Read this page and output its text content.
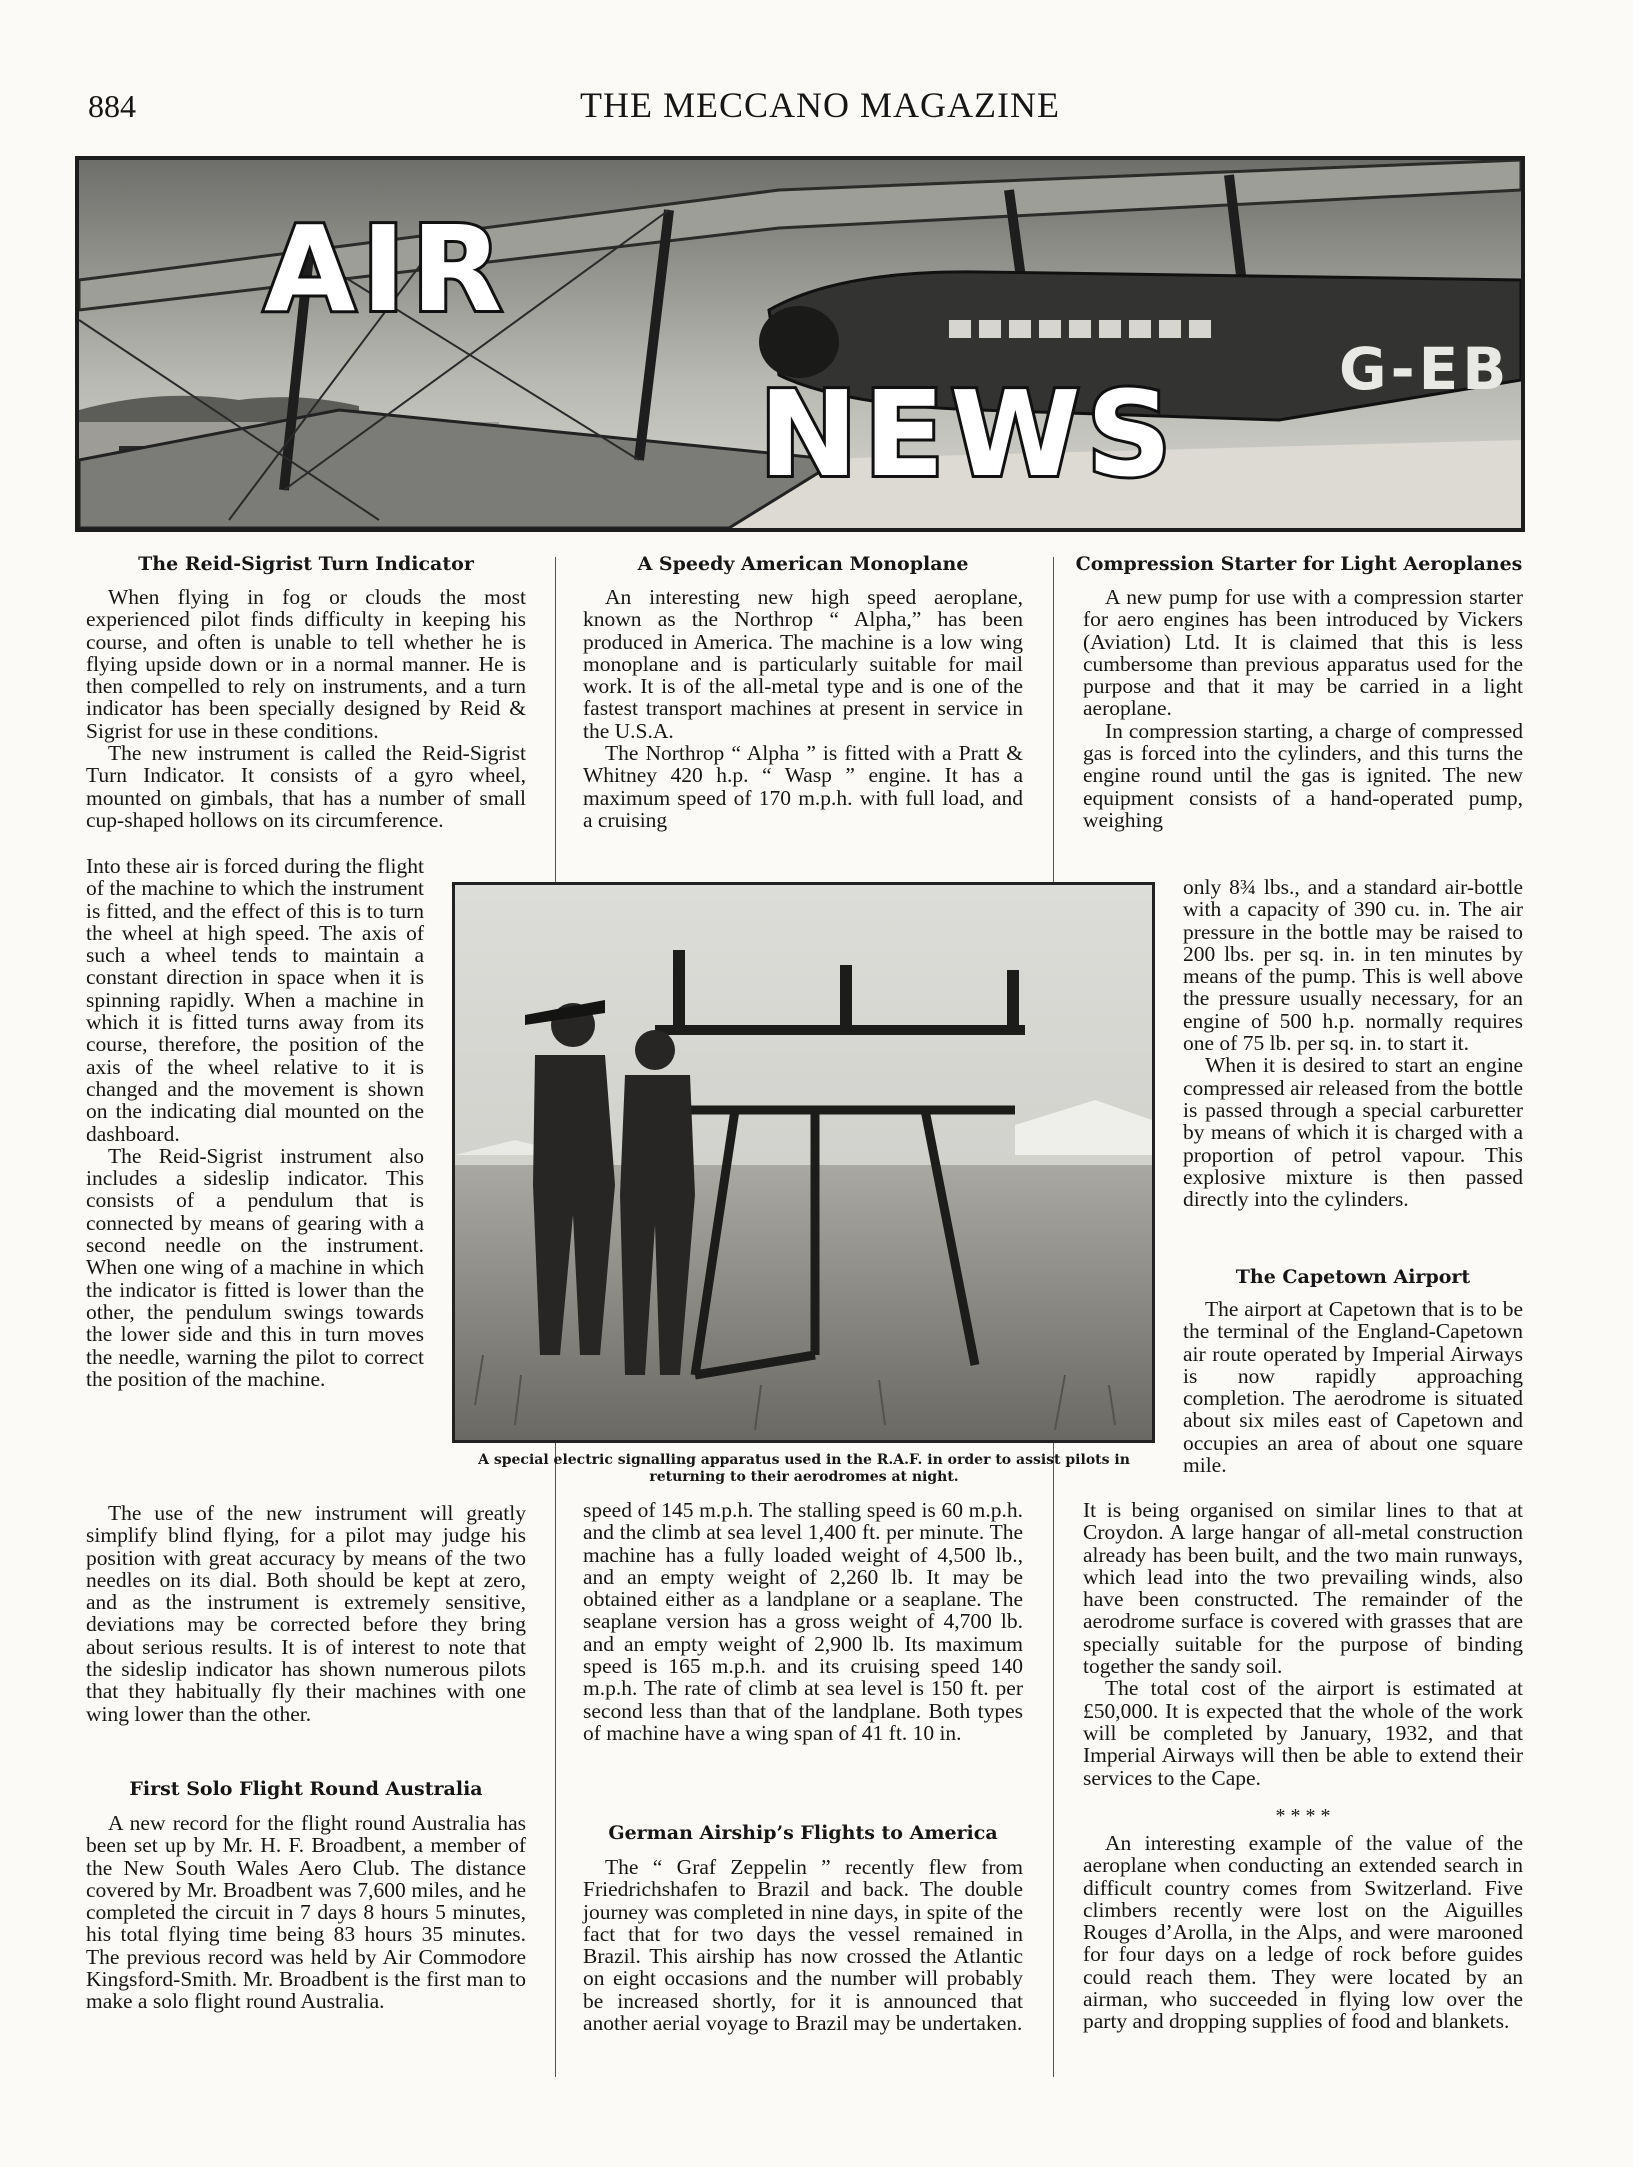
884	THE MECCANO MAGAZINE
AIR
NEWS	G-EB
The Reid-Sigrist Turn Indicator

When flying in fog or clouds the most experienced pilot finds difficulty in keeping his course, and often is unable to tell whether he is flying upside down or in a normal manner. He is then compelled to rely on instruments, and a turn indicator has been specially designed by Reid & Sigrist for use in these conditions.

The new instrument is called the Reid-Sigrist Turn Indicator. It consists of a gyro wheel, mounted on gimbals, that has a number of small cup-shaped hollows on its circumference.

Into these air is forced during the flight of the machine to which the instrument is fitted, and the effect of this is to turn the wheel at high speed. The axis of such a wheel tends to maintain a constant direction in space when it is spinning rapidly. When a machine in which it is fitted turns away from its course, therefore, the position of the axis of the wheel relative to it is changed and the movement is shown on the indicating dial mounted on the dashboard.

The Reid-Sigrist instrument also includes a sideslip indicator. This consists of a pendulum that is connected by means of gearing with a second needle on the instrument. When one wing of a machine in which the indicator is fitted is lower than the other, the pendulum swings towards the lower side and this in turn moves the needle, warning the pilot to correct the position of the machine.

The use of the new instrument will greatly simplify blind flying, for a pilot may judge his position with great accuracy by means of the two needles on its dial. Both should be kept at zero, and as the instrument is extremely sensitive, deviations may be corrected before they bring about serious results. It is of interest to note that the sideslip indicator has shown numerous pilots that they habitually fly their machines with one wing lower than the other.

First Solo Flight Round Australia

A new record for the flight round Australia has been set up by Mr. H. F. Broadbent, a member of the New South Wales Aero Club. The distance covered by Mr. Broadbent was 7,600 miles, and he completed the circuit in 7 days 8 hours 5 minutes, his total flying time being 83 hours 35 minutes. The previous record was held by Air Commodore Kingsford-Smith. Mr. Broadbent is the first man to make a solo flight round Australia.

A Speedy American Monoplane

An interesting new high speed aeroplane, known as the Northrop “ Alpha,” has been produced in America. The machine is a low wing monoplane and is particularly suitable for mail work. It is of the all-metal type and is one of the fastest transport machines at present in service in the U.S.A.

The Northrop “ Alpha ” is fitted with a Pratt & Whitney 420 h.p. “ Wasp ” engine. It has a maximum speed of 170 m.p.h. with full load, and a cruising

speed of 145 m.p.h. The stalling speed is 60 m.p.h. and the climb at sea level 1,400 ft. per minute. The machine has a fully loaded weight of 4,500 lb., and an empty weight of 2,260 lb. It may be obtained either as a landplane or a seaplane. The seaplane version has a gross weight of 4,700 lb. and an empty weight of 2,900 lb. Its maximum speed is 165 m.p.h. and its cruising speed 140 m.p.h. The rate of climb at sea level is 150 ft. per second less than that of the landplane. Both types of machine have a wing span of 41 ft. 10 in.

German Airship’s Flights to America

The “ Graf Zeppelin ” recently flew from Friedrichshafen to Brazil and back. The double journey was completed in nine days, in spite of the fact that for two days the vessel remained in Brazil. This airship has now crossed the Atlantic on eight occasions and the number will probably be increased shortly, for it is announced that another aerial voyage to Brazil may be undertaken.

Compression Starter for Light Aeroplanes

A new pump for use with a compression starter for aero engines has been introduced by Vickers (Aviation) Ltd. It is claimed that this is less cumbersome than previous apparatus used for the purpose and that it may be carried in a light aeroplane.

In compression starting, a charge of compressed gas is forced into the cylinders, and this turns the engine round until the gas is ignited. The new equipment consists of a hand-operated pump, weighing

only 8¾ lbs., and a standard air-bottle with a capacity of 390 cu. in. The air pressure in the bottle may be raised to 200 lbs. per sq. in. in ten minutes by means of the pump. This is well above the pressure usually necessary, for an engine of 500 h.p. normally requires one of 75 lb. per sq. in. to start it.

When it is desired to start an engine compressed air released from the bottle is passed through a special carburetter by means of which it is charged with a proportion of petrol vapour. This explosive mixture is then passed directly into the cylinders.

The Capetown Airport

The airport at Capetown that is to be the terminal of the England-Capetown air route operated by Imperial Airways is now rapidly approaching completion. The aerodrome is situated about six miles east of Capetown and occupies an area of about one square mile.

It is being organised on similar lines to that at Croydon. A large hangar of all-metal construction already has been built, and the two main runways, which lead into the two prevailing winds, also have been constructed. The remainder of the aerodrome surface is covered with grasses that are specially suitable for the purpose of binding together the sandy soil.

The total cost of the airport is estimated at £50,000. It is expected that the whole of the work will be completed by January, 1932, and that Imperial Airways will then be able to extend their services to the Cape.

* * * *

An interesting example of the value of the aeroplane when conducting an extended search in difficult country comes from Switzerland. Five climbers recently were lost on the Aiguilles Rouges d’Arolla, in the Alps, and were marooned for four days on a ledge of rock before guides could reach them. They were located by an airman, who succeeded in flying low over the party and dropping supplies of food and blankets.

A special electric signalling apparatus used in the R.A.F. in order to assist pilots in returning to their aerodromes at night.
